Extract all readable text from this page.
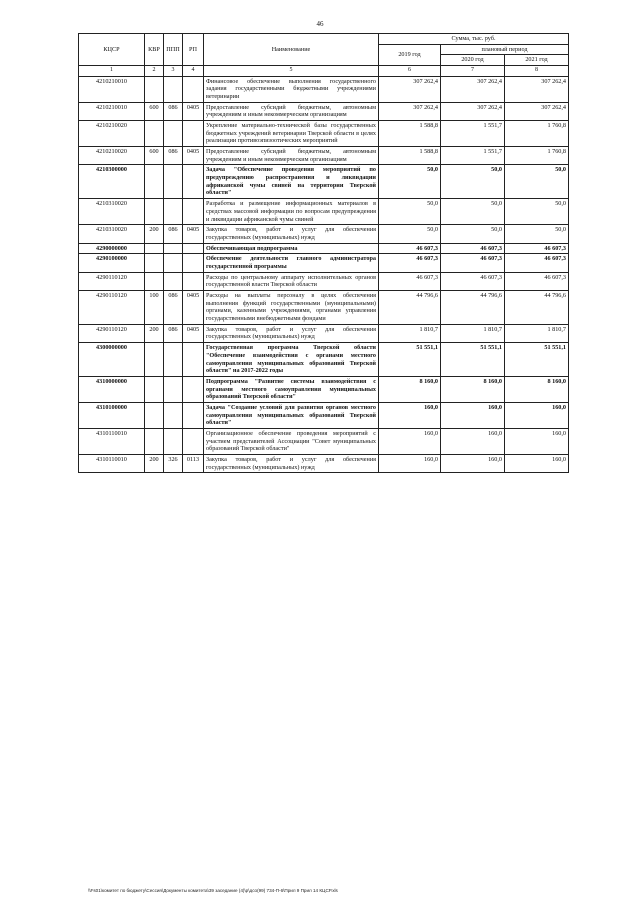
46
КЦСР	КВР	ППП	РП	Наименование	Сумма, тыс. руб.		
					2019 год	плановый период	
						2020 год	2021 год
1	2	3	4	5	6	7	8
4210210010				Финансовое обеспечение выполнения государственного задания государственными бюджетными учреждениями ветеринарии	307 262,4	307 262,4	307 262,4
4210210010	600	086	0405	Предоставление субсидий бюджетным, автономным учреждениям и иным некоммерческим организациям	307 262,4	307 262,4	307 262,4
4210210020				Укрепление материально-технической базы государственных бюджетных учреждений ветеринарии Тверской области в целях реализации противоэпизоотических мероприятий	1 588,8	1 551,7	1 760,8
4210210020	600	086	0405	Предоставление субсидий бюджетным, автономным учреждениям и иным некоммерческим организациям	1 588,8	1 551,7	1 760,8
4210300000				Задача "Обеспечение проведения мероприятий по предупреждению распространения и ликвидации африканской чумы свиней на территории Тверской области"	50,0	50,0	50,0
4210310020				Разработка и размещение информационных материалов в средствах массовой информации по вопросам предупреждения и ликвидации африканской чумы свиней	50,0	50,0	50,0
4210310020	200	086	0405	Закупка товаров, работ и услуг для обеспечения государственных (муниципальных) нужд	50,0	50,0	50,0
4290000000				Обеспечивающая подпрограмма	46 607,3	46 607,3	46 607,3
4290100000				Обеспечение деятельности главного администратора государственной программы	46 607,3	46 607,3	46 607,3
4290110120				Расходы по центральному аппарату исполнительных органов государственной власти Тверской области	46 607,3	46 607,3	46 607,3
4290110120	100	086	0405	Расходы на выплаты персоналу в целях обеспечения выполнения функций государственными (муниципальными) органами, казенными учреждениями, органами управления государственными внебюджетными фондами	44 796,6	44 796,6	44 796,6
4290110120	200	086	0405	Закупка товаров, работ и услуг для обеспечения государственных (муниципальных) нужд	1 810,7	1 810,7	1 810,7
4300000000				Государственная программа Тверской области "Обеспечение взаимодействия с органами местного самоуправления муниципальных образований Тверской области" на 2017-2022 годы	51 551,1	51 551,1	51 551,1
4310000000				Подпрограмма "Развитие системы взаимодействия с органами местного самоуправления муниципальных образований Тверской области"	8 160,0	8 160,0	8 160,0
4310100000				Задача "Создание условий для развития органов местного самоуправления муниципальных образований Тверской области"	160,0	160,0	160,0
4310110010				Организационное обеспечение проведения мероприятий с участием представителей Ассоциации "Совет муниципальных образований Тверской области"	160,0	160,0	160,0
4310110010	200	326	0113	Закупка товаров, работ и услуг для обеспечения государственных (муниципальных) нужд	160,0	160,0	160,0
\\Fs01\комитет по бюджету\Сессия\Документы комитета\39 заседание (4)\р\дсо(99) 734-П-6\Прил 9 Прил 14 КЦСР.xls
